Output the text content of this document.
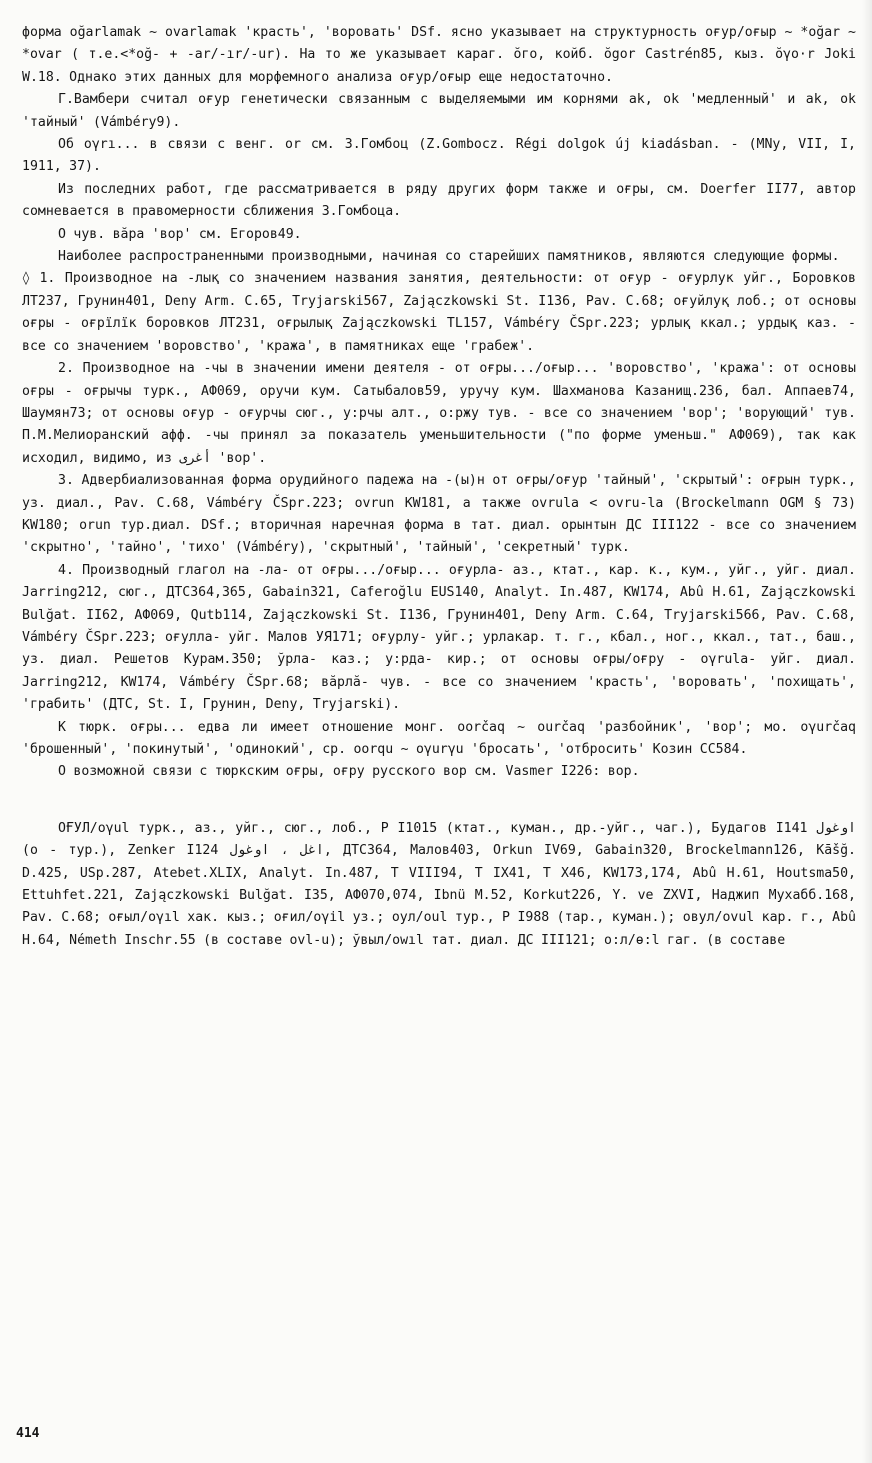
форма oğarlamak ~ ovarlamak 'красть', 'воровать' DSf. ясно указывает на структурность оғур/оғыр ~ *oğar ~ *ovar ( т.е.<*oğ- + -ar/-ır/-ur). На то же указывает караг. ŏгo, койб. ŏgor Castrén85, кыз. ŏγo·r Joki W.18. Однако этих данных для морфемного анализа оғур/оғыр еще недостаточно.

Г.Вамбери считал оғур генетически связанным с выделяемыми им корнями ak, ok 'медленный' и ak, ok 'тайный' (Vámbéry9).

Об oγrı... в связи с венг. or см. З.Гомбоц (Z.Gombocz. Régi dolgok új kiadásban. - (MNy, VII, I, 1911, 37).

Из последних работ, где рассматривается в ряду других форм также и оғры, см. Doerfer II77, автор сомневается в правомерности сближения З.Гомбоца.

О чув. вăра 'вор' см. Егоров49.

Наиболее распространенными производными, начиная со старейших памятников, являются следующие формы.

◊ 1. Производное на -лық со значением названия занятия, деятельности: от оғур - оғурлук уйг., Боровков ЛТ237, Грунин401, Deny Arm. C.65, Tryjarski567, Zajączkowski St. I136, Pav. C.68; оғуйлуқ лоб.; от основы оғры - оғрïлïк боровков ЛТ231, оғрылық Zajączkowski TL157, Vámbéry ČSpr.223; урлық ккал.; урдық каз. - все со значением 'воровство', 'кража', в памятниках еще 'грабеж'.

2. Производное на -чы в значении имени деятеля - от оғры.../оғыр... 'воровство', 'кража': от основы оғры - оғрычы турк., АФ069, оручи кум. Сатыбалов59, уручу кум. Шахманова Казанищ.236, бал. Аппаев74, Шаумян73; от основы оғур - оғурчы сюг., у:рчы алт., о:ржу тув. - все со значением 'вор'; 'ворующий' тув. П.М.Мелиоранский афф. -чы принял за показатель уменьшительности ("по форме уменьш." АФ069), так как исходил, видимо, из أغرى 'вор'.

3. Адвербиализованная форма орудийного падежа на -(ы)н от оғры/оғур 'тайный', 'скрытый': оғрын турк., уз. диал., Pav. C.68, Vámbéry ČSpr.223; ovrun KW181, а также ovrula < ovru-la (Brockelmann OGM § 73) KW180; orun тур.диал. DSf.; вторичная наречная форма в тат. диал. орынтын ДС III122 - все со значением 'скрытно', 'тайно', 'тихо' (Vámbéry), 'скрытный', 'тайный', 'секретный' турк.

4. Производный глагол на -ла- от оғры.../оғыр... оғурла- аз., ктат., кар. к., кум., уйг., уйг. диал. Jarring212, сюг., ДТС364,365, Gabain321, Caferoğlu EUS140, Analyt. In.487, KW174, Abû H.61, Zajączkowski Bulğat. II62, АФ069, Qutb114, Zajączkowski St. I136, Грунин401, Deny Arm. C.64, Tryjarski566, Pav. C.68, Vámbéry ČSpr.223; оғулла- уйг. Малов УЯ171; оғурлу- уйг.; урлакар. т. г., кбал., ног., ккал., тат., баш., уз. диал. Решетов Курам.350; ўрла- каз.; у:рда- кир.; от основы оғры/оғру - oγrula- уйг. диал. Jarring212, KW174, Vámbéry ČSpr.68; вăрлă- чув. - все со значением 'красть', 'воровать', 'похищать', 'грабить' (ДТС, St. I, Грунин, Deny, Tryjarski).

К тюрк. оғры... едва ли имеет отношение монг. oorčaq ~ ourčaq 'разбойник', 'вор'; мо. oγurčaq 'брошенный', 'покинутый', 'одинокий', ср. oorqu ~ oγurγu 'бросать', 'отбросить' Козин СС584.

О возможной связи с тюркским оғры, оғру русского вор см. Vasmer I226: вор.

ОҒУЛ/oγul турк., аз., уйг., сюг., лоб., Р I1015 (ктат., куман., др.-уйг., чаг.), Будагов I141 اوغول (о - тур.), Zenker I124 اغل ، اوغول, ДТС364, Малов403, Orkun IV69, Gabain320, Brockelmann126, Kāšğ. D.425, USp.287, Atebet.XLIX, Analyt. In.487, T VIII94, T IX41, T X46, KW173,174, Abû H.61, Houtsma50, Ettuhfet.221, Zajączkowski Bulğat. I35, АФ070,074, Ibnü M.52, Korkut226, Y. ve ZXVI, Наджип Мухабб.168, Pav. C.68; оғыл/oγıl хак. кыз.; оғил/oγil уз.; оул/oul тур., Р I988 (тар., куман.); овул/ovul кар. г., Abû H.64, Németh Inschr.55 (в составе ovl-u); ўвыл/owıl тат. диал. ДС III121; о:л/ɵ:l гаг. (в составе

414
